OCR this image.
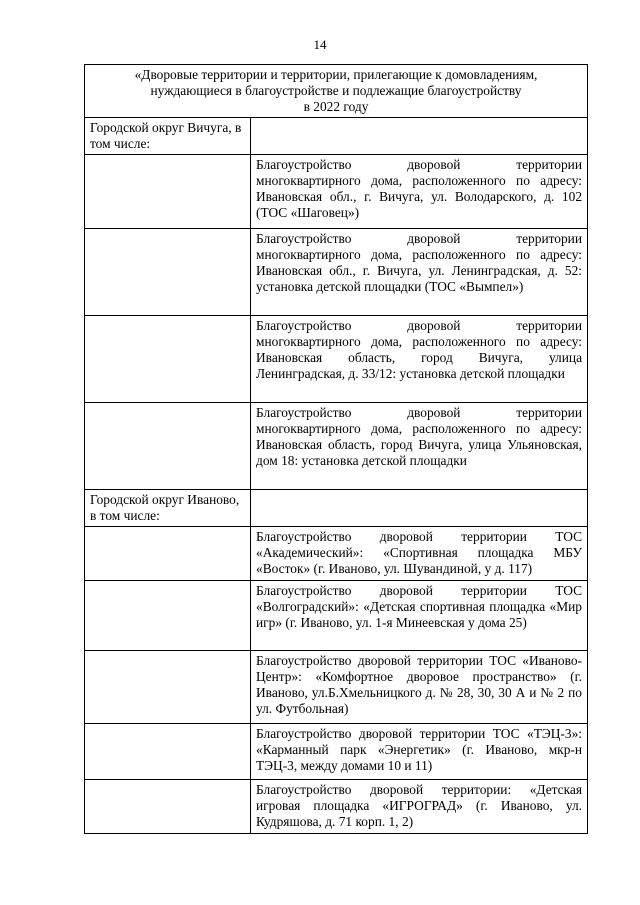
14
«Дворовые территории и территории, прилегающие к домовладениям,
нуждающиеся в благоустройстве и подлежащие благоустройству
в 2022 году	

Городской округ Вичуга, в том числе:	
	Благоустройство дворовой территории многоквартирного дома, расположенного по адресу: Ивановская обл., г. Вичуга, ул. Володарского, д. 102 (ТОС «Шаговец»)
	Благоустройство дворовой территории многоквартирного дома, расположенного по адресу: Ивановская обл., г. Вичуга, ул. Ленинградская, д. 52: установка детской площадки (ТОС «Вымпел»)
	Благоустройство дворовой территории многоквартирного дома, расположенного по адресу: Ивановская область, город Вичуга, улица Ленинградская, д. 33/12: установка детской площадки
	Благоустройство дворовой территории многоквартирного дома, расположенного по адресу: Ивановская область, город Вичуга, улица Ульяновская, дом 18: установка детской площадки
Городской округ Иваново, в том числе:	
	Благоустройство дворовой территории ТОС «Академический»: «Спортивная площадка МБУ «Восток» (г. Иваново, ул. Шувандиной, у д. 117)
	Благоустройство дворовой территории ТОС «Волгоградский»: «Детская спортивная площадка «Мир игр» (г. Иваново, ул. 1-я Минеевская у дома 25)
	Благоустройство дворовой территории ТОС «Иваново-Центр»: «Комфортное дворовое пространство» (г. Иваново, ул.Б.Хмельницкого д. № 28, 30, 30 А и № 2 по ул. Футбольная)
	Благоустройство дворовой территории ТОС «ТЭЦ-3»: «Карманный парк «Энергетик» (г. Иваново, мкр-н ТЭЦ-3, между домами 10 и 11)
	Благоустройство дворовой территории: «Детская игровая площадка «ИГРОГРАД» (г. Иваново, ул. Кудряшова, д. 71 корп. 1, 2)
